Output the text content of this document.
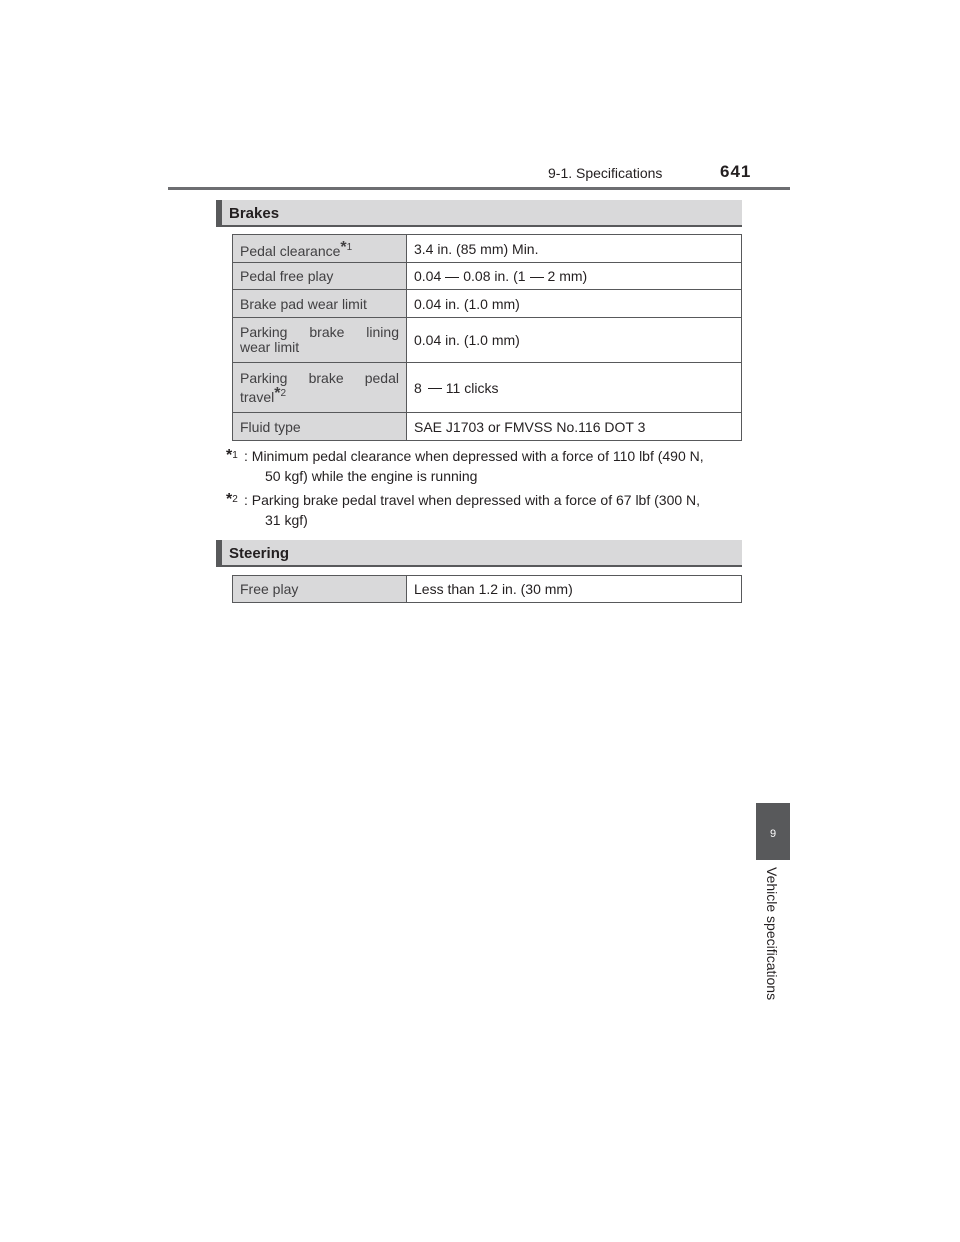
9-1. Specifications	641
Brakes
Pedal clearance$^{*1}$	3.4 in. (85 mm) Min.
Pedal free play	0.04 0.08 in. (1 2 mm)
Brake pad wear limit	0.04 in. (1.0 mm)

Parking brake lining
wear limit	0.04 in. (1.0 mm)

Parking brake pedal
travel$^{*2}$	8 11 clicks
Fluid type	SAE J1703 or FMVSS No.116 DOT 3
$^{*1}$ : Minimum pedal clearance when depressed with a force of 110 lbf (490 N,
50 kgf) while the engine is running
$^{*2}$ : Parking brake pedal travel when depressed with a force of 67 lbf (300 N,
31 kgf)
Steering
Free play	Less than 1.2 in. (30 mm)
9
Vehicle specifications
